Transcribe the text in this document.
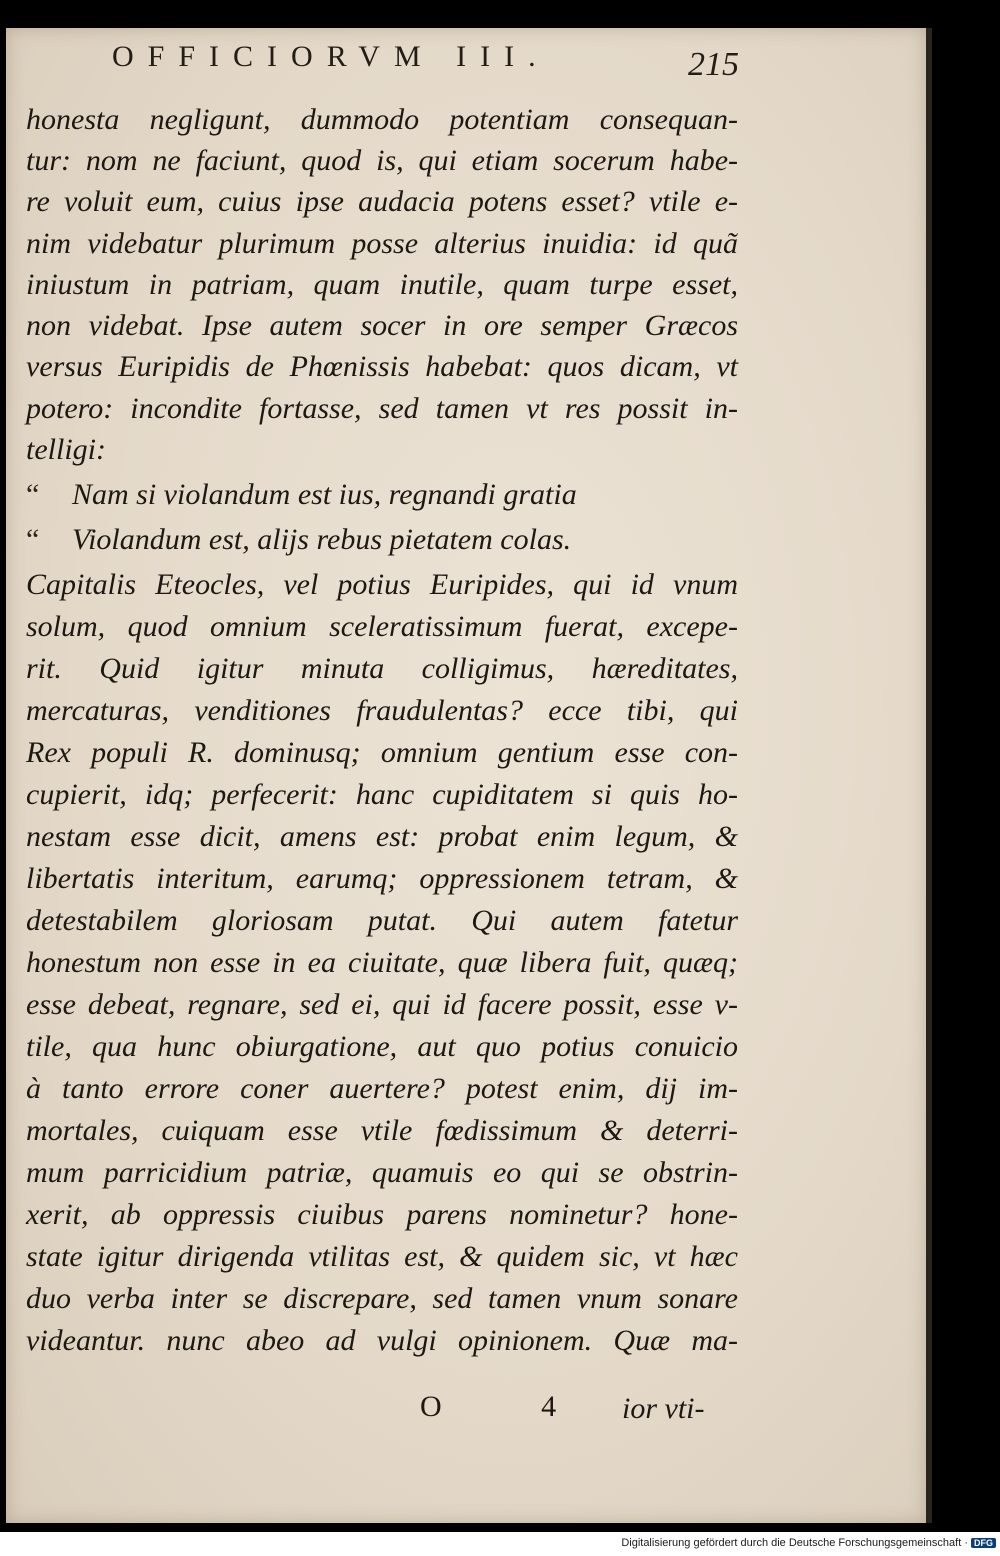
OFFICIORVM III.	215
honesta negligunt, dummodo potentiam consequan-
tur: nom ne faciunt, quod is, qui etiam socerum habe-
re voluit eum, cuius ipse audacia potens esset? vtile e-
nim videbatur plurimum posse alterius inuidia: id quã
iniustum in patriam, quam inutile, quam turpe esset,
non videbat. Ipse autem socer in ore semper Græcos
versus Euripidis de Phœnissis habebat: quos dicam, vt
potero: incondite fortasse, sed tamen vt res possit in-
telligi:
“ Nam si violandum est ius, regnandi gratia
“ Violandum est, alijs rebus pietatem colas.
Capitalis Eteocles, vel potius Euripides, qui id vnum
solum, quod omnium sceleratissimum fuerat, excepe-
rit. Quid igitur minuta colligimus, hæreditates,
mercaturas, venditiones fraudulentas? ecce tibi, qui
Rex populi R. dominusq; omnium gentium esse con-
cupierit, idq; perfecerit: hanc cupiditatem si quis ho-
nestam esse dicit, amens est: probat enim legum, &
libertatis interitum, earumq; oppressionem tetram, &
detestabilem gloriosam putat. Qui autem fatetur
honestum non esse in ea ciuitate, quæ libera fuit, quæq;
esse debeat, regnare, sed ei, qui id facere possit, esse v-
tile, qua hunc obiurgatione, aut quo potius conuicio
à tanto errore coner auertere? potest enim, dij im-
mortales, cuiquam esse vtile fœdissimum & deterri-
mum parricidium patriæ, quamuis eo qui se obstrin-
xerit, ab oppressis ciuibus parens nominetur? hone-
state igitur dirigenda vtilitas est, & quidem sic, vt hæc
duo verba inter se discrepare, sed tamen vnum sonare
videantur. nunc abeo ad vulgi opinionem. Quæ ma-
O 4 ior vti-
Digitalisierung gefördert durch die Deutsche Forschungsgemeinschaft · DFG
